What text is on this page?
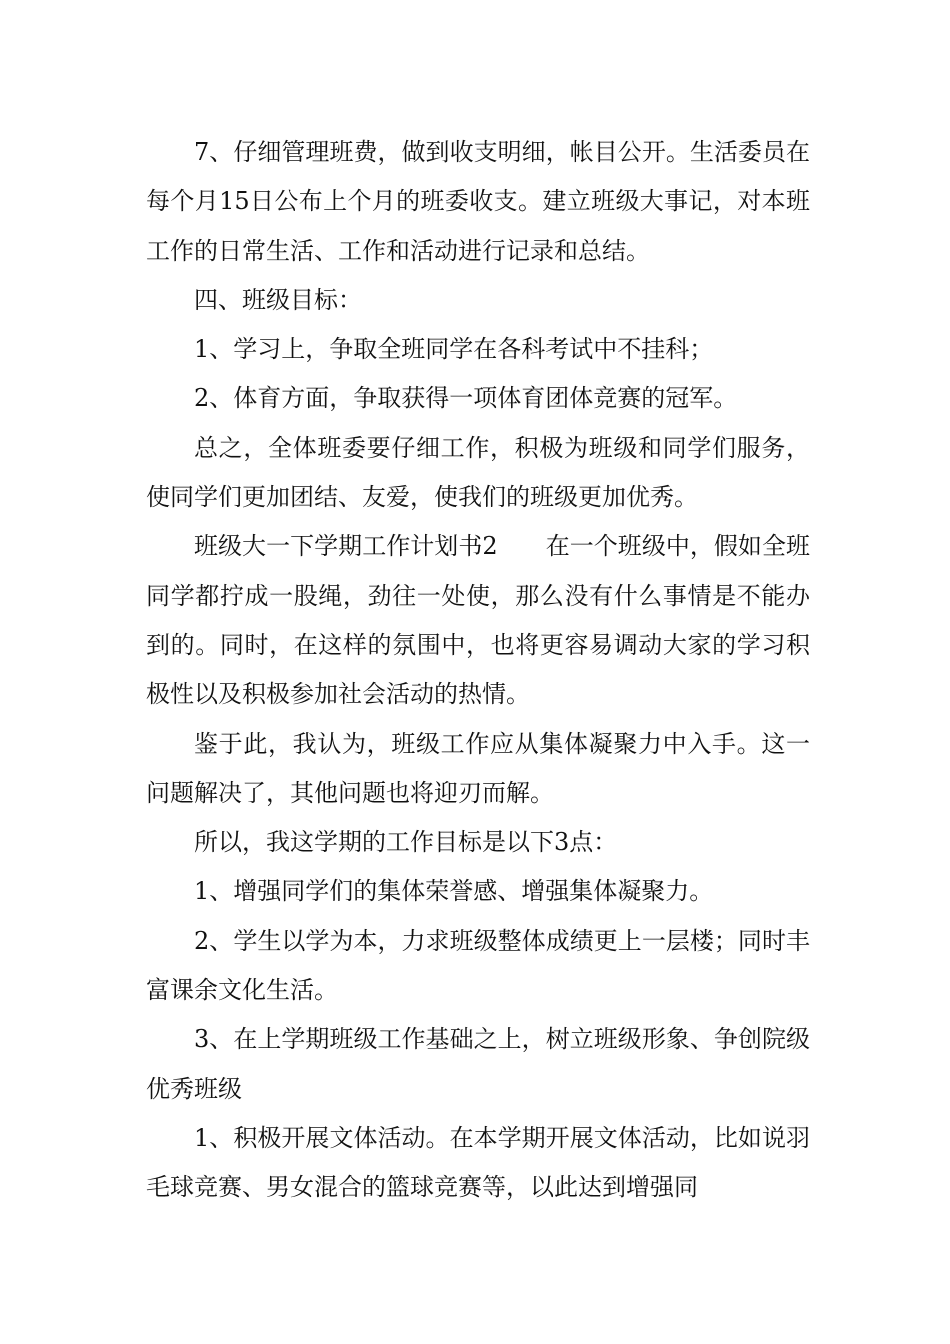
7、仔细管理班费，做到收支明细，帐目公开。生活委员在每个月15日公布上个月的班委收支。建立班级大事记，对本班工作的日常生活、工作和活动进行记录和总结。

四、班级目标：

1、学习上，争取全班同学在各科考试中不挂科；

2、体育方面，争取获得一项体育团体竞赛的冠军。

总之，全体班委要仔细工作，积极为班级和同学们服务，使同学们更加团结、友爱，使我们的班级更加优秀。

班级大一下学期工作计划书2　　在一个班级中，假如全班同学都拧成一股绳，劲往一处使，那么没有什么事情是不能办到的。同时，在这样的氛围中，也将更容易调动大家的学习积极性以及积极参加社会活动的热情。

鉴于此，我认为，班级工作应从集体凝聚力中入手。这一问题解决了，其他问题也将迎刃而解。

所以，我这学期的工作目标是以下3点：

1、增强同学们的集体荣誉感、增强集体凝聚力。

2、学生以学为本，力求班级整体成绩更上一层楼；同时丰富课余文化生活。

3、在上学期班级工作基础之上，树立班级形象、争创院级优秀班级

1、积极开展文体活动。在本学期开展文体活动，比如说羽毛球竞赛、男女混合的篮球竞赛等，以此达到增强同
